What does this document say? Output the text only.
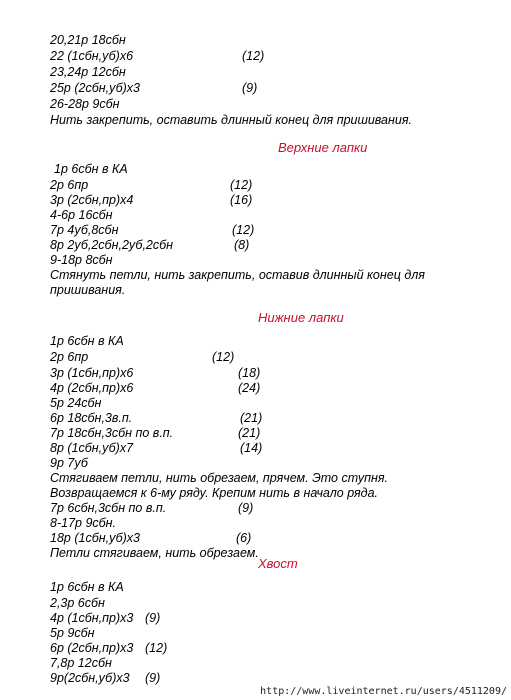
20,21р 18сбн
22 (1сбн,уб)х6	(12)
23,24р 12сбн
25р (2сбн,уб)х3	(9)
26-28р 9сбн
Нить закрепить, оставить длинный конец для пришивания.
Верхние лапки
1р 6сбн в КА
2р 6пр	(12)
3р (2сбн,пр)х4	(16)
4-6р 16сбн
7р 4уб,8сбн	(12)
8р 2уб,2сбн,2уб,2сбн	(8)
9-18р 8сбн
Стянуть петли, нить закрепить, оставив длинный конец для
пришивания.
Нижние лапки
1р 6сбн в КА
2р 6пр	(12)
3р (1сбн,пр)х6	(18)
4р (2сбн,пр)х6	(24)
5р 24сбн
6р 18сбн,3в.п.	(21)
7р 18сбн,3сбн по в.п.	(21)
8р (1сбн,уб)х7	(14)
9р 7уб
Стягиваем петли, нить обрезаем, прячем. Это ступня.
Возвращаемся к 6-му ряду. Крепим нить в начало ряда.
7р 6сбн,3сбн по в.п.	(9)
8-17р 9сбн.
18р (1сбн,уб)х3	(6)
Петли стягиваем, нить обрезаем.
Хвост
1р 6сбн в КА
2,3р 6сбн
4р (1сбн,пр)х3 (9)
5р 9сбн
6р (2сбн,пр)х3 (12)
7,8р 12сбн
9р(2сбн,уб)х3 (9)
http://www.liveinternet.ru/users/4511209/
